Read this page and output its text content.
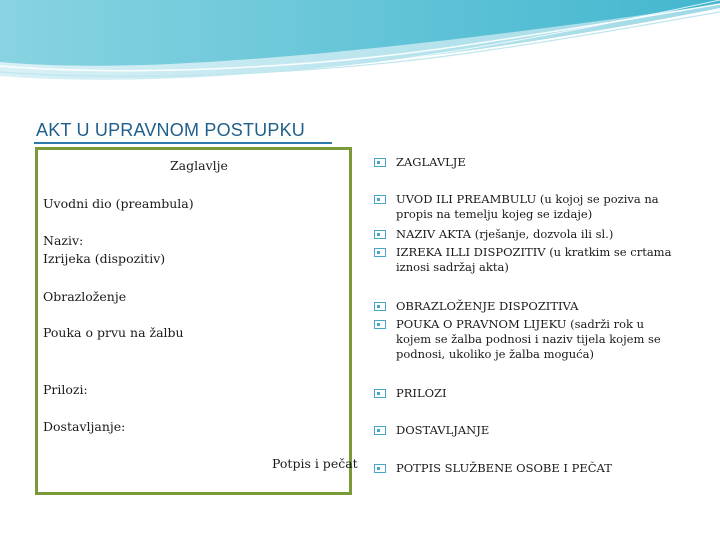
AKT U UPRAVNOM POSTUPKU
Zaglavlje
Uvodni dio (preambula)
Naziv:
Izrijeka (dispozitiv)
Obrazloženje
Pouka o prvu na žalbu
Prilozi:
Dostavljanje:
Potpis i pečat
ZAGLAVLJE
UVOD ILI PREAMBULU (u kojoj se poziva na propis na temelju kojeg se izdaje)
NAZIV AKTA (rješanje, dozvola ili sl.)
IZREKA ILLI DISPOZITIV (u kratkim se crtama iznosi sadržaj akta)
OBRAZLOŽENJE DISPOZITIVA
POUKA O PRAVNOM LIJEKU (sadrži rok u kojem se žalba podnosi i naziv tijela kojem se podnosi, ukoliko je žalba moguća)
PRILOZI
DOSTAVLJANJE
POTPIS SLUŽBENE OSOBE I PEČAT
